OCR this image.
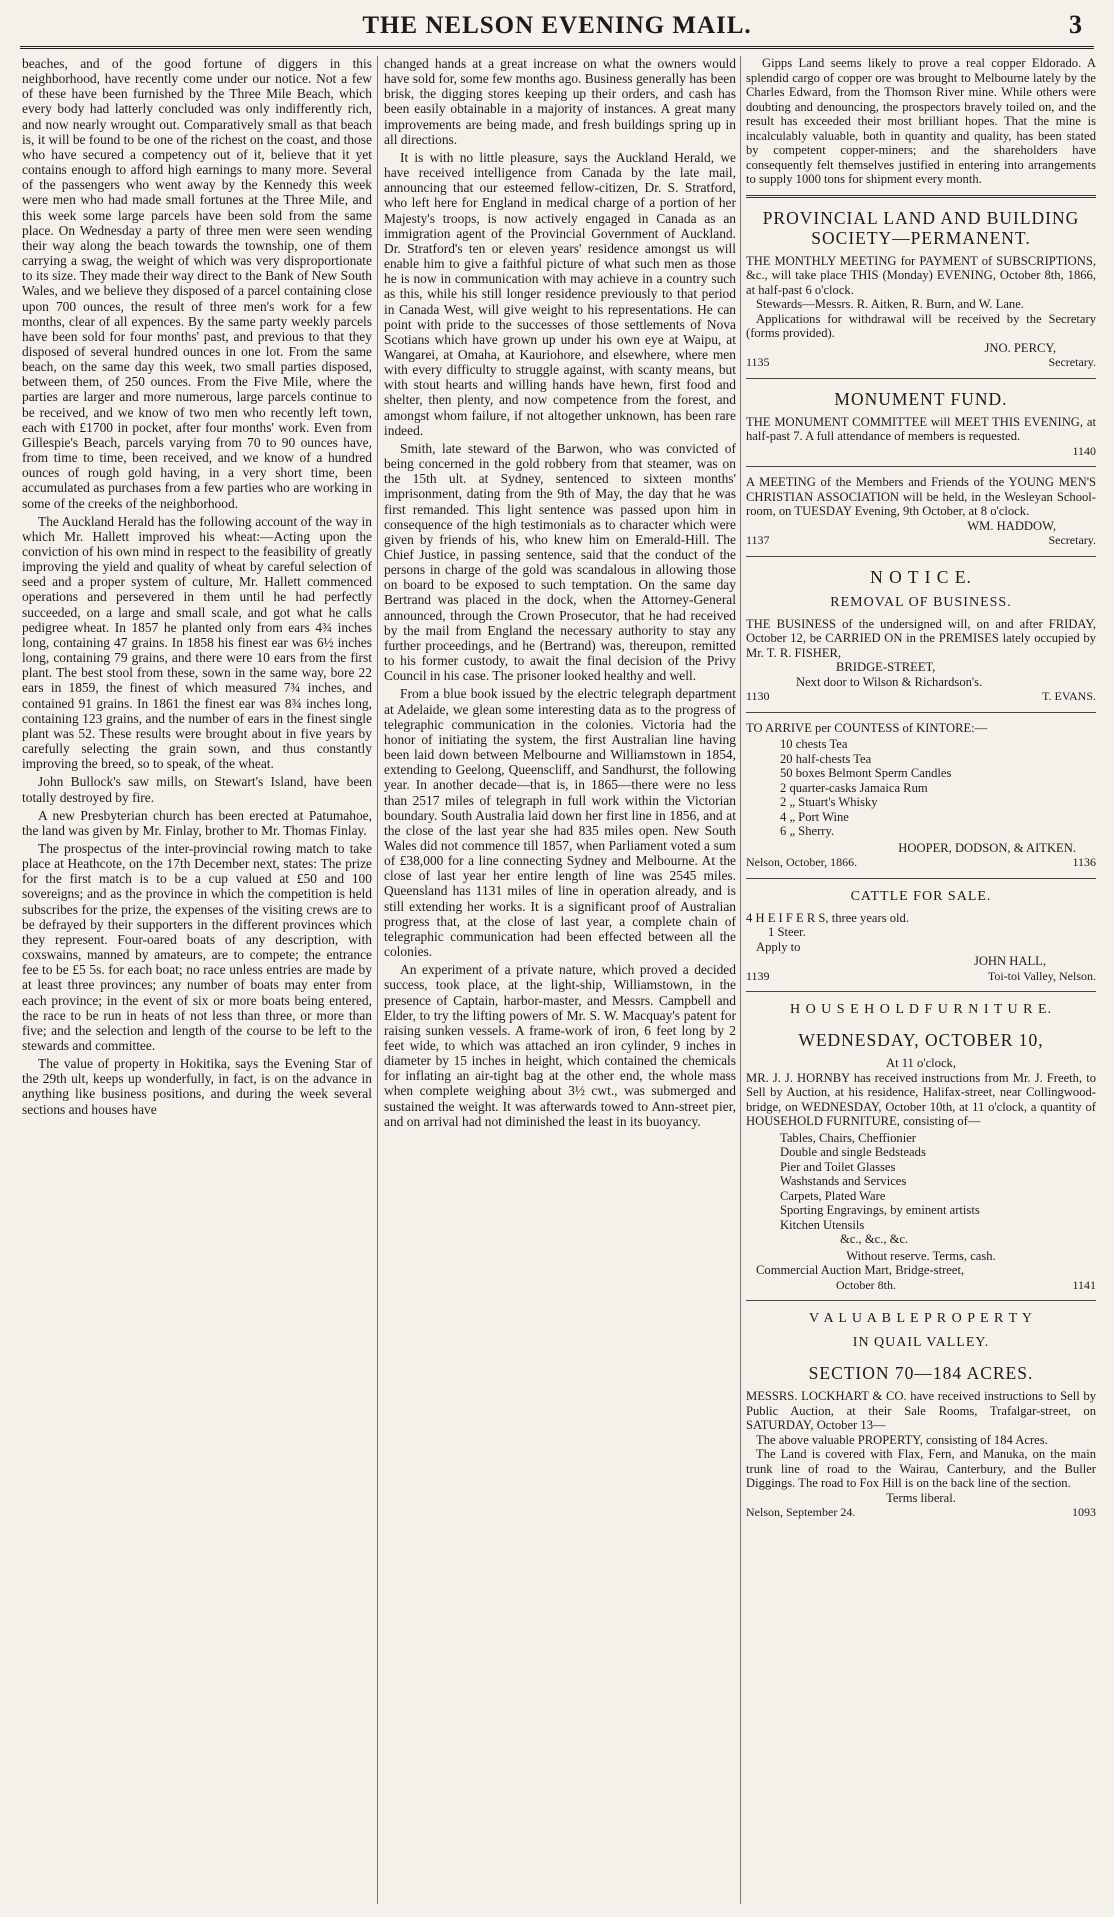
THE NELSON EVENING MAIL.	3

beaches, and of the good fortune of diggers in this neighborhood, have recently come under our notice. Not a few of these have been furnished by the Three Mile Beach, which every body had latterly concluded was only indifferently rich, and now nearly wrought out. Comparatively small as that beach is, it will be found to be one of the richest on the coast, and those who have secured a competency out of it, believe that it yet contains enough to afford high earnings to many more. Several of the passengers who went away by the Kennedy this week were men who had made small fortunes at the Three Mile, and this week some large parcels have been sold from the same place. On Wednesday a party of three men were seen wending their way along the beach towards the township, one of them carrying a swag, the weight of which was very disproportionate to its size. They made their way direct to the Bank of New South Wales, and we believe they disposed of a parcel containing close upon 700 ounces, the result of three men's work for a few months, clear of all expences. By the same party weekly parcels have been sold for four months' past, and previous to that they disposed of several hundred ounces in one lot. From the same beach, on the same day this week, two small parties disposed, between them, of 250 ounces. From the Five Mile, where the parties are larger and more numerous, large parcels continue to be received, and we know of two men who recently left town, each with £1700 in pocket, after four months' work. Even from Gillespie's Beach, parcels varying from 70 to 90 ounces have, from time to time, been received, and we know of a hundred ounces of rough gold having, in a very short time, been accumulated as purchases from a few parties who are working in some of the creeks of the neighborhood.

The Auckland Herald has the following account of the way in which Mr. Hallett improved his wheat:—Acting upon the conviction of his own mind in respect to the feasibility of greatly improving the yield and quality of wheat by careful selection of seed and a proper system of culture, Mr. Hallett commenced operations and persevered in them until he had perfectly succeeded, on a large and small scale, and got what he calls pedigree wheat. In 1857 he planted only from ears 4¾ inches long, containing 47 grains. In 1858 his finest ear was 6½ inches long, containing 79 grains, and there were 10 ears from the first plant. The best stool from these, sown in the same way, bore 22 ears in 1859, the finest of which measured 7¾ inches, and contained 91 grains. In 1861 the finest ear was 8¾ inches long, containing 123 grains, and the number of ears in the finest single plant was 52. These results were brought about in five years by carefully selecting the grain sown, and thus constantly improving the breed, so to speak, of the wheat.

John Bullock's saw mills, on Stewart's Island, have been totally destroyed by fire.

A new Presbyterian church has been erected at Patumahoe, the land was given by Mr. Finlay, brother to Mr. Thomas Finlay.

The prospectus of the inter-provincial rowing match to take place at Heathcote, on the 17th December next, states: The prize for the first match is to be a cup valued at £50 and 100 sovereigns; and as the province in which the competition is held subscribes for the prize, the expenses of the visiting crews are to be defrayed by their supporters in the different provinces which they represent. Four-oared boats of any description, with coxswains, manned by amateurs, are to compete; the entrance fee to be £5 5s. for each boat; no race unless entries are made by at least three provinces; any number of boats may enter from each province; in the event of six or more boats being entered, the race to be run in heats of not less than three, or more than five; and the selection and length of the course to be left to the stewards and committee.

The value of property in Hokitika, says the Evening Star of the 29th ult, keeps up wonderfully, in fact, is on the advance in anything like business positions, and during the week several sections and houses have

changed hands at a great increase on what the owners would have sold for, some few months ago. Business generally has been brisk, the digging stores keeping up their orders, and cash has been easily obtainable in a majority of instances. A great many improvements are being made, and fresh buildings spring up in all directions.

It is with no little pleasure, says the Auckland Herald, we have received intelligence from Canada by the late mail, announcing that our esteemed fellow-citizen, Dr. S. Stratford, who left here for England in medical charge of a portion of her Majesty's troops, is now actively engaged in Canada as an immigration agent of the Provincial Government of Auckland. Dr. Stratford's ten or eleven years' residence amongst us will enable him to give a faithful picture of what such men as those he is now in communication with may achieve in a country such as this, while his still longer residence previously to that period in Canada West, will give weight to his representations. He can point with pride to the successes of those settlements of Nova Scotians which have grown up under his own eye at Waipu, at Wangarei, at Omaha, at Kauriohore, and elsewhere, where men with every difficulty to struggle against, with scanty means, but with stout hearts and willing hands have hewn, first food and shelter, then plenty, and now competence from the forest, and amongst whom failure, if not altogether unknown, has been rare indeed.

Smith, late steward of the Barwon, who was convicted of being concerned in the gold robbery from that steamer, was on the 15th ult. at Sydney, sentenced to sixteen months' imprisonment, dating from the 9th of May, the day that he was first remanded. This light sentence was passed upon him in consequence of the high testimonials as to character which were given by friends of his, who knew him on Emerald-Hill. The Chief Justice, in passing sentence, said that the conduct of the persons in charge of the gold was scandalous in allowing those on board to be exposed to such temptation. On the same day Bertrand was placed in the dock, when the Attorney-General announced, through the Crown Prosecutor, that he had received by the mail from England the necessary authority to stay any further proceedings, and he (Bertrand) was, thereupon, remitted to his former custody, to await the final decision of the Privy Council in his case. The prisoner looked healthy and well.

From a blue book issued by the electric telegraph department at Adelaide, we glean some interesting data as to the progress of telegraphic communication in the colonies. Victoria had the honor of initiating the system, the first Australian line having been laid down between Melbourne and Williamstown in 1854, extending to Geelong, Queenscliff, and Sandhurst, the following year. In another decade—that is, in 1865—there were no less than 2517 miles of telegraph in full work within the Victorian boundary. South Australia laid down her first line in 1856, and at the close of the last year she had 835 miles open. New South Wales did not commence till 1857, when Parliament voted a sum of £38,000 for a line connecting Sydney and Melbourne. At the close of last year her entire length of line was 2545 miles. Queensland has 1131 miles of line in operation already, and is still extending her works. It is a significant proof of Australian progress that, at the close of last year, a complete chain of telegraphic communication had been effected between all the colonies.

An experiment of a private nature, which proved a decided success, took place, at the light-ship, Williamstown, in the presence of Captain, harbor-master, and Messrs. Campbell and Elder, to try the lifting powers of Mr. S. W. Macquay's patent for raising sunken vessels. A frame-work of iron, 6 feet long by 2 feet wide, to which was attached an iron cylinder, 9 inches in diameter by 15 inches in height, which contained the chemicals for inflating an air-tight bag at the other end, the whole mass when complete weighing about 3½ cwt., was submerged and sustained the weight. It was afterwards towed to Ann-street pier, and on arrival had not diminished the least in its buoyancy.

Gipps Land seems likely to prove a real copper Eldorado. A splendid cargo of copper ore was brought to Melbourne lately by the Charles Edward, from the Thomson River mine. While others were doubting and denouncing, the prospectors bravely toiled on, and the result has exceeded their most brilliant hopes. That the mine is incalculably valuable, both in quantity and quality, has been stated by competent copper-miners; and the shareholders have consequently felt themselves justified in entering into arrangements to supply 1000 tons for shipment every month.

PROVINCIAL LAND AND BUILDING SOCIETY—PERMANENT.

THE MONTHLY MEETING for PAYMENT of SUBSCRIPTIONS, &c., will take place THIS (Monday) EVENING, October 8th, 1866, at half-past 6 o'clock.

Stewards—Messrs. R. Aitken, R. Burn, and W. Lane.

Applications for withdrawal will be received by the Secretary (forms provided).

JNO. PERCY,

1135	Secretary.
MONUMENT FUND.

THE MONUMENT COMMITTEE will MEET THIS EVENING, at half-past 7. A full attendance of members is requested.

1140

A MEETING of the Members and Friends of the YOUNG MEN'S CHRISTIAN ASSOCIATION will be held, in the Wesleyan School-room, on TUESDAY Evening, 9th October, at 8 o'clock.

WM. HADDOW,

1137	Secretary.
N O T I C E.
REMOVAL OF BUSINESS.

THE BUSINESS of the undersigned will, on and after FRIDAY, October 12, be CARRIED ON in the PREMISES lately occupied by Mr. T. R. FISHER,

BRIDGE-STREET,

Next door to Wilson & Richardson's.

1130	T. EVANS.

TO ARRIVE per COUNTESS of KINTORE:—

10 chests Tea
20 half-chests Tea
50 boxes Belmont Sperm Candles
2 quarter-casks Jamaica Rum
2 „ Stuart's Whisky
4 „ Port Wine
6 „ Sherry.

HOOPER, DODSON, & AITKEN.

Nelson, October, 1866.	1136
CATTLE FOR SALE.

4 H E I F E R S, three years old.

1 Steer.

Apply to

JOHN HALL,

1139	Toi-toi Valley, Nelson.
H O U S E H O L D F U R N I T U R E.
WEDNESDAY, OCTOBER 10,

At 11 o'clock,

MR. J. J. HORNBY has received instructions from Mr. J. Freeth, to Sell by Auction, at his residence, Halifax-street, near Collingwood-bridge, on WEDNESDAY, October 10th, at 11 o'clock, a quantity of HOUSEHOLD FURNITURE, consisting of—

Tables, Chairs, Cheffionier
Double and single Bedsteads
Pier and Toilet Glasses
Washstands and Services
Carpets, Plated Ware
Sporting Engravings, by eminent artists
Kitchen Utensils
&c., &c., &c.

Without reserve. Terms, cash.

Commercial Auction Mart, Bridge-street,

October 8th.	1141
V A L U A B L E P R O P E R T Y
IN QUAIL VALLEY.
SECTION 70—184 ACRES.

MESSRS. LOCKHART & CO. have received instructions to Sell by Public Auction, at their Sale Rooms, Trafalgar-street, on SATURDAY, October 13—

The above valuable PROPERTY, consisting of 184 Acres.

The Land is covered with Flax, Fern, and Manuka, on the main trunk line of road to the Wairau, Canterbury, and the Buller Diggings. The road to Fox Hill is on the back line of the section.

Terms liberal.

Nelson, September 24.	1093
